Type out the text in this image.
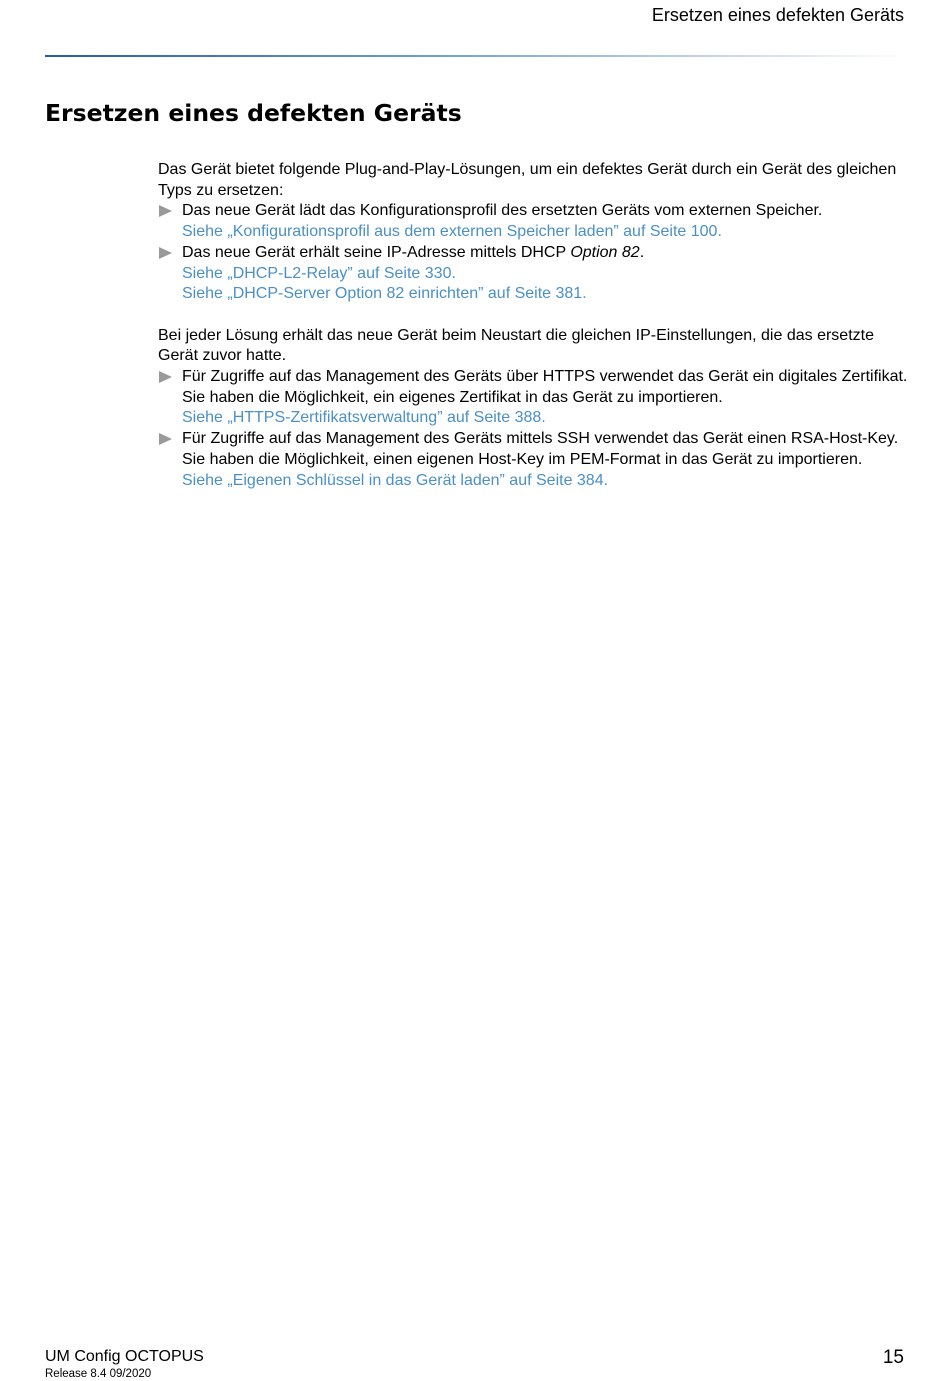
Ersetzen eines defekten Geräts
Ersetzen eines defekten Geräts

Das Gerät bietet folgende Plug-and-Play-Lösungen, um ein defektes Gerät durch ein Gerät des gleichen Typs zu ersetzen:

Das neue Gerät lädt das Konfigurationsprofil des ersetzten Geräts vom externen Speicher.
Siehe „Konfigurationsprofil aus dem externen Speicher laden” auf Seite 100.
Das neue Gerät erhält seine IP-Adresse mittels DHCP Option 82.
Siehe „DHCP-L2-Relay” auf Seite 330.
Siehe „DHCP-Server Option 82 einrichten” auf Seite 381.

Bei jeder Lösung erhält das neue Gerät beim Neustart die gleichen IP-Einstellungen, die das ersetzte Gerät zuvor hatte.

Für Zugriffe auf das Management des Geräts über HTTPS verwendet das Gerät ein digitales Zertifikat. Sie haben die Möglichkeit, ein eigenes Zertifikat in das Gerät zu importieren.
Siehe „HTTPS-Zertifikatsverwaltung” auf Seite 388.
Für Zugriffe auf das Management des Geräts mittels SSH verwendet das Gerät einen RSA-Host-Key. Sie haben die Möglichkeit, einen eigenen Host-Key im PEM-Format in das Gerät zu importieren.
Siehe „Eigenen Schlüssel in das Gerät laden” auf Seite 384.
UM Config OCTOPUS
Release 8.4 09/2020
15
